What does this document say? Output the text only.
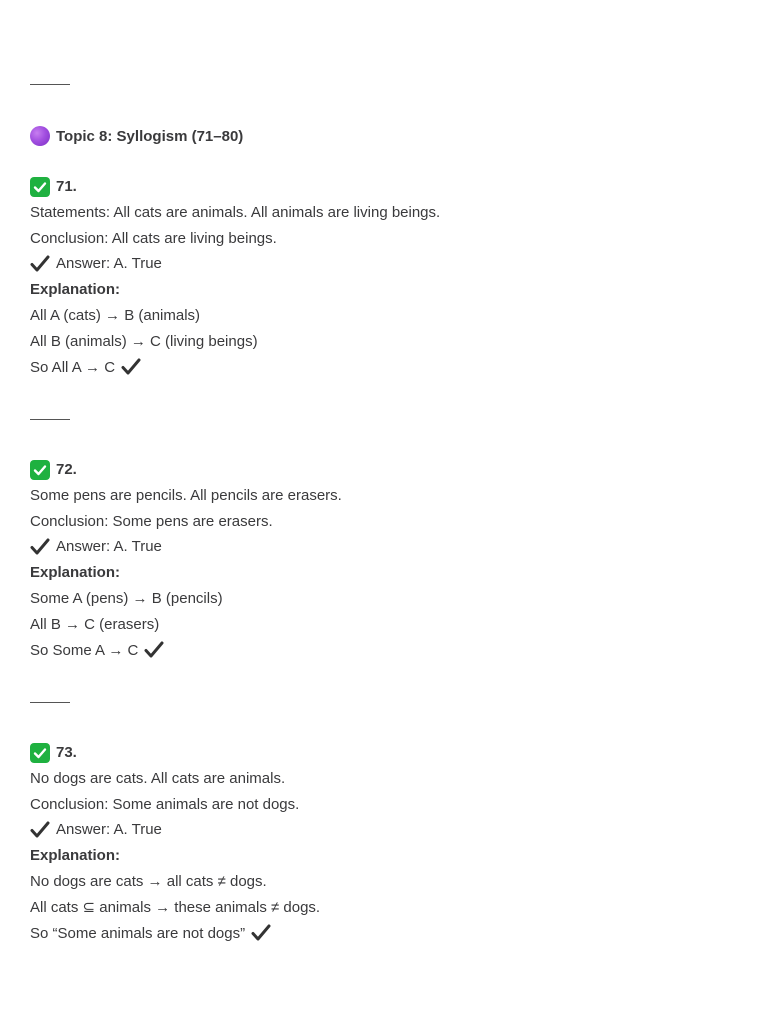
Topic 8: Syllogism (71–80)
71.
Statements: All cats are animals. All animals are living beings.
Conclusion: All cats are living beings.
Answer: A. True
Explanation:
All A (cats) → B (animals)
All B (animals) → C (living beings)
So All A → C
72.
Some pens are pencils. All pencils are erasers.
Conclusion: Some pens are erasers.
Answer: A. True
Explanation:
Some A (pens) → B (pencils)
All B → C (erasers)
So Some A → C
73.
No dogs are cats. All cats are animals.
Conclusion: Some animals are not dogs.
Answer: A. True
Explanation:
No dogs are cats → all cats ≠ dogs.
All cats ⊆ animals → these animals ≠ dogs.
So “Some animals are not dogs”
